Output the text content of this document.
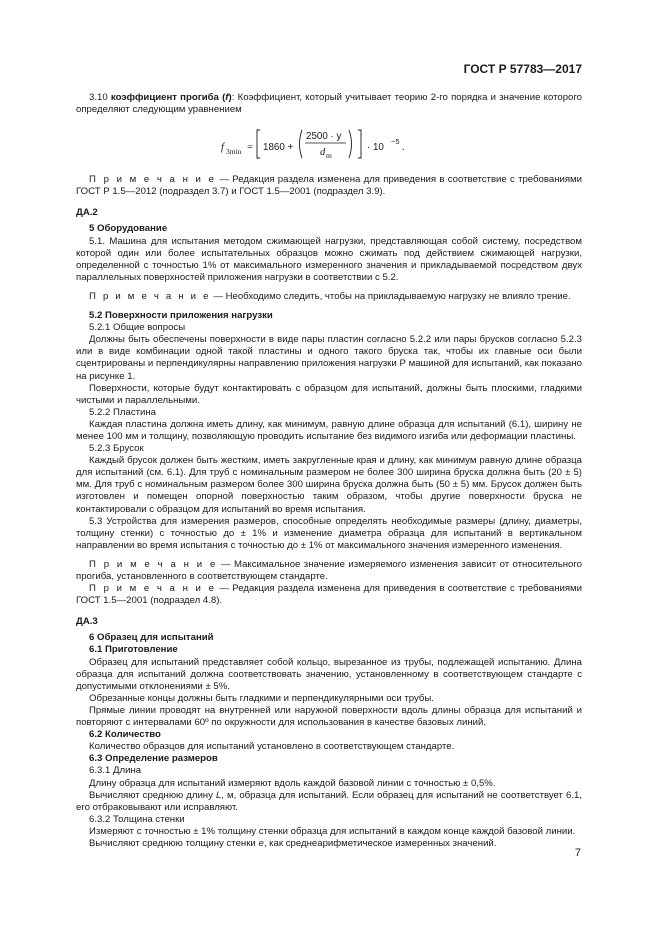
ГОСТ Р 57783—2017

3.10 коэффициент прогиба (f): Коэффициент, который учитывает теорию 2-го порядка и значение которого определяют следующим уравнением

f 3min = 1860 +
2500 · y
d m
· 10
−5
.

П р и м е ч а н и е — Редакция раздела изменена для приведения в соответствие с требованиями ГОСТ Р 1.5—2012 (подраздел 3.7) и ГОСТ 1.5—2001 (подраздел 3.9).

ДА.2

5 Оборудование

5.1. Машина для испытания методом сжимающей нагрузки, представляющая собой систему, посредством которой один или более испытательных образцов можно сжимать под действием сжимающей нагрузки, определенной с точностью 1% от максимального измеренного значения и прикладываемой посредством двух параллельных поверхностей приложения нагрузки в соответствии с 5.2.

П р и м е ч а н и е — Необходимо следить, чтобы на прикладываемую нагрузку не влияло трение.

5.2 Поверхности приложения нагрузки

5.2.1 Общие вопросы

Должны быть обеспечены поверхности в виде пары пластин согласно 5.2.2 или пары брусков согласно 5.2.3 или в виде комбинации одной такой пластины и одного такого бруска так, чтобы их главные оси были сцентрированы и перпендикулярны направлению приложения нагрузки Р машиной для испытаний, как показано на рисунке 1.

Поверхности, которые будут контактировать с образцом для испытаний, должны быть плоскими, гладкими чистыми и параллельными.

5.2.2 Пластина

Каждая пластина должна иметь длину, как минимум, равную длине образца для испытаний (6.1), ширину не менее 100 мм и толщину, позволяющую проводить испытание без видимого изгиба или деформации пластины.

5.2.3 Брусок

Каждый брусок должен быть жестким, иметь закругленные края и длину, как минимум равную длине образца для испытаний (см. 6.1). Для труб с номинальным размером не более 300 ширина бруска должна быть (20 ± 5) мм. Для труб с номинальным размером более 300 ширина бруска должна быть (50 ± 5) мм. Брусок должен быть изготовлен и помещен опорной поверхностью таким образом, чтобы другие поверхности бруска не контактировали с образцом для испытаний во время испытания.

5.3 Устройства для измерения размеров, способные определять необходимые размеры (длину, диаметры, толщину стенки) с точностью до ± 1% и изменение диаметра образца для испытаний в вертикальном направлении во время испытания с точностью до ± 1% от максимального значения измеренного изменения.

П р и м е ч а н и е — Максимальное значение измеряемого изменения зависит от относительного прогиба, установленного в соответствующем стандарте.

П р и м е ч а н и е — Редакция раздела изменена для приведения в соответствие с требованиями ГОСТ 1.5—2001 (подраздел 4.8).

ДА.3

6 Образец для испытаний

6.1 Приготовление

Образец для испытаний представляет собой кольцо, вырезанное из трубы, подлежащей испытанию. Длина образца для испытаний должна соответствовать значению, установленному в соответствующем стандарте с допустимыми отклонениями ± 5%.

Обрезанные концы должны быть гладкими и перпендикулярными оси трубы.

Прямые линии проводят на внутренней или наружной поверхности вдоль длины образца для испытаний и повторяют с интервалами 60º по окружности для использования в качестве базовых линий.

6.2 Количество

Количество образцов для испытаний установлено в соответствующем стандарте.

6.3 Определение размеров

6.3.1 Длина

Длину образца для испытаний измеряют вдоль каждой базовой линии с точностью ± 0,5%.

Вычисляют среднюю длину L, м, образца для испытаний. Если образец для испытаний не соответствует 6.1, его отбраковывают или исправляют.

6.3.2 Толщина стенки

Измеряют с точностью ± 1% толщину стенки образца для испытаний в каждом конце каждой базовой линии.

Вычисляют среднюю толщину стенки e, как среднеарифметическое измеренных значений.

7
